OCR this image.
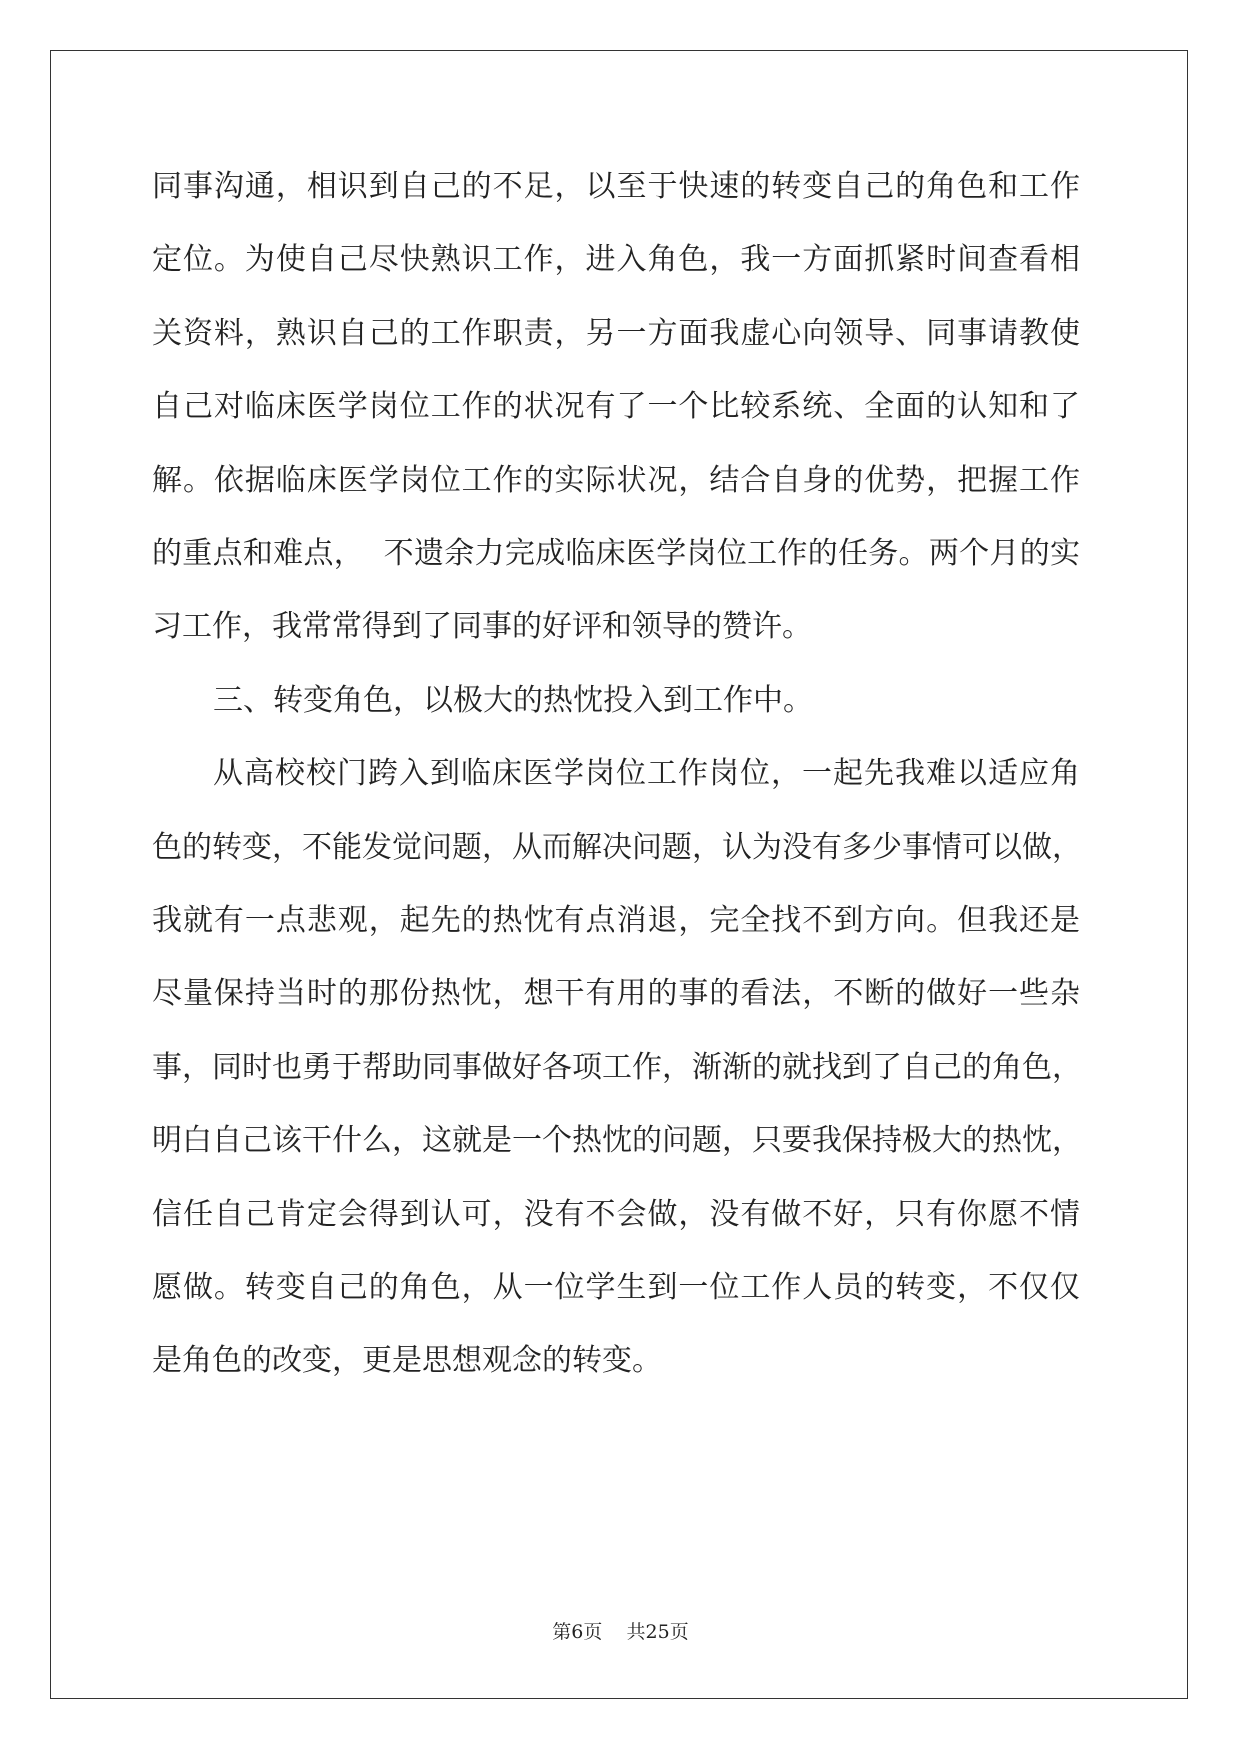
同事沟通，相识到自己的不足，以至于快速的转变自己的角色和工作

定位。为使自己尽快熟识工作，进入角色，我一方面抓紧时间查看相

关资料，熟识自己的工作职责，另一方面我虚心向领导、同事请教使

自己对临床医学岗位工作的状况有了一个比较系统、全面的认知和了

解。依据临床医学岗位工作的实际状况，结合自身的优势，把握工作

的重点和难点，  不遗余力完成临床医学岗位工作的任务。两个月的实

习工作，我常常得到了同事的好评和领导的赞许。

三、转变角色，以极大的热忱投入到工作中。

从高校校门跨入到临床医学岗位工作岗位，一起先我难以适应角

色的转变，不能发觉问题，从而解决问题，认为没有多少事情可以做，

我就有一点悲观，起先的热忱有点消退，完全找不到方向。但我还是

尽量保持当时的那份热忱，想干有用的事的看法，不断的做好一些杂

事，同时也勇于帮助同事做好各项工作，渐渐的就找到了自己的角色，

明白自己该干什么，这就是一个热忱的问题，只要我保持极大的热忱，

信任自己肯定会得到认可，没有不会做，没有做不好，只有你愿不情

愿做。转变自己的角色，从一位学生到一位工作人员的转变，不仅仅

是角色的改变，更是思想观念的转变。

第6页 共25页
